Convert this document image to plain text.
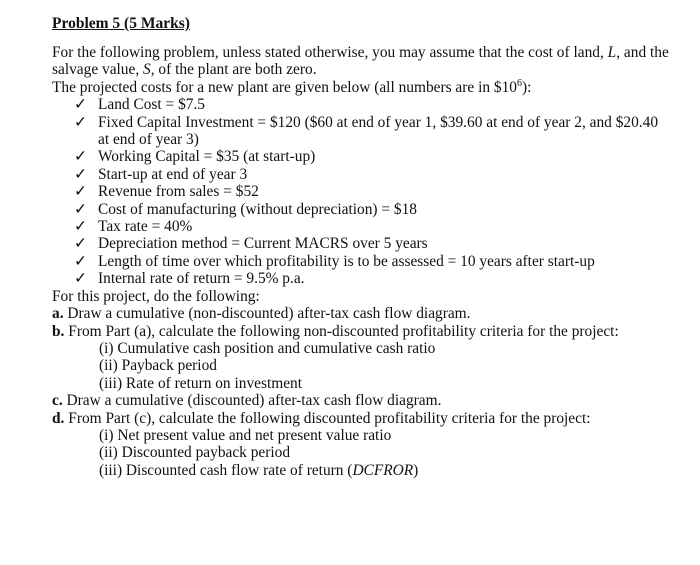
Problem 5 (5 Marks)

For the following problem, unless stated otherwise, you may assume that the cost of land, L, and the salvage value, S, of the plant are both zero.

The projected costs for a new plant are given below (all numbers are in $\$10^6$):

✓ Land Cost = $7.5
✓ Fixed Capital Investment = $120 ($60 at end of year 1, $39.60 at end of year 2, and $20.40
at end of year 3)
✓ Working Capital = $35 (at start-up)
✓ Start-up at end of year 3
✓ Revenue from sales = $52
✓ Cost of manufacturing (without depreciation) = $18
✓ Tax rate = 40%
✓ Depreciation method = Current MACRS over 5 years
✓ Length of time over which profitability is to be assessed = 10 years after start-up
✓ Internal rate of return = 9.5% p.a.

For this project, do the following:

a. Draw a cumulative (non-discounted) after-tax cash flow diagram.
b. From Part (a), calculate the following non-discounted profitability criteria for the project:
(i) Cumulative cash position and cumulative cash ratio
(ii) Payback period
(iii) Rate of return on investment
c. Draw a cumulative (discounted) after-tax cash flow diagram.
d. From Part (c), calculate the following discounted profitability criteria for the project:
(i) Net present value and net present value ratio
(ii) Discounted payback period
(iii) Discounted cash flow rate of return (DCFROR)
